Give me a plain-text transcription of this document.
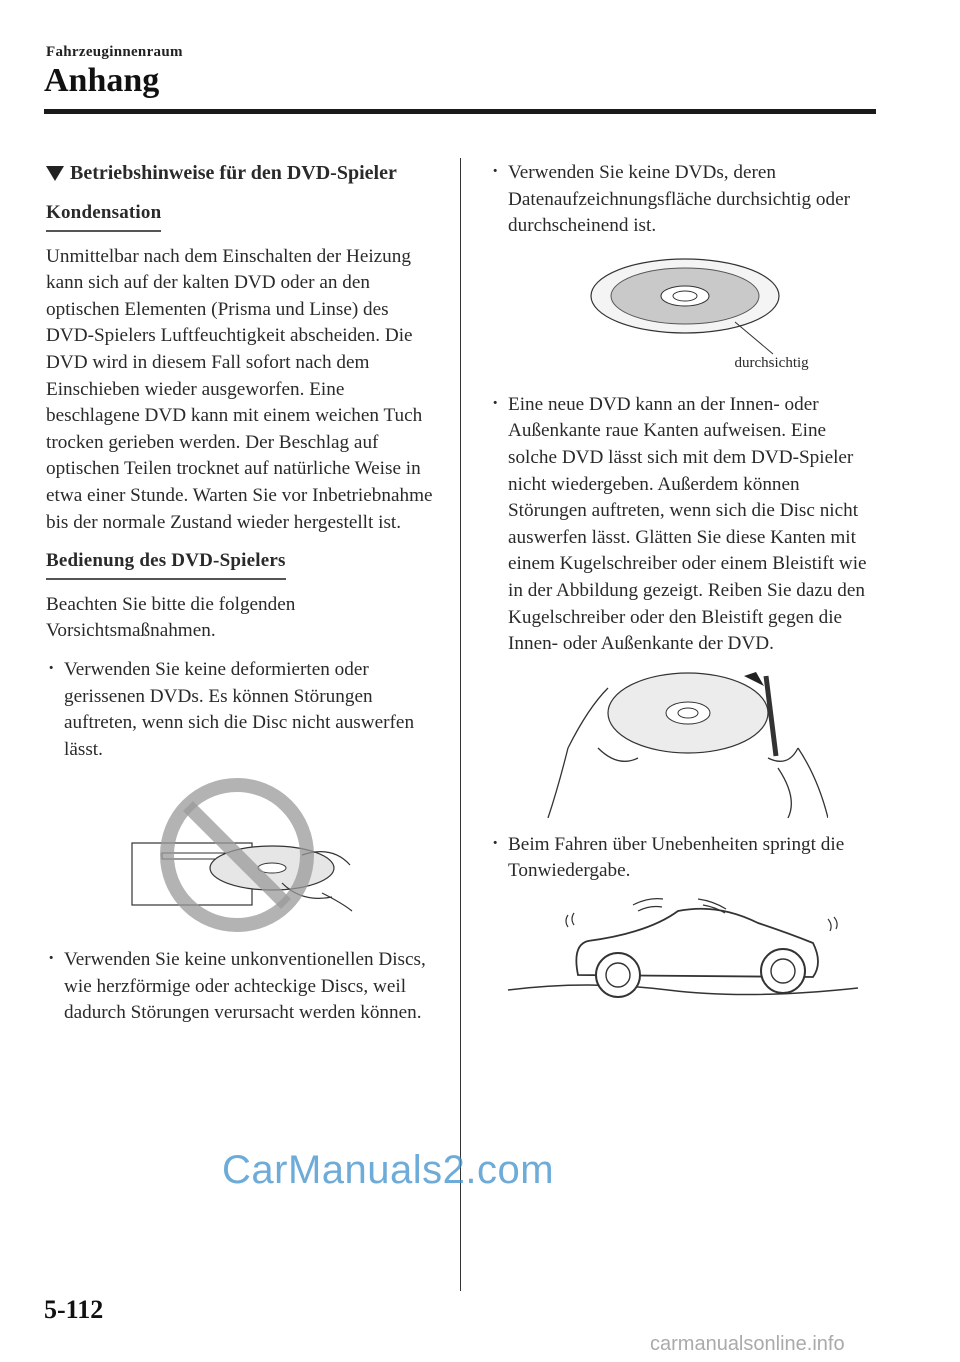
Fahrzeuginnenraum
Anhang
Betriebshinweise für den DVD-Spieler
Kondensation
Unmittelbar nach dem Einschalten der Heizung kann sich auf der kalten DVD oder an den optischen Elementen (Prisma und Linse) des DVD-Spielers Luftfeuchtigkeit abscheiden. Die DVD wird in diesem Fall sofort nach dem Einschieben wieder ausgeworfen. Eine beschlagene DVD kann mit einem weichen Tuch trocken gerieben werden. Der Beschlag auf optischen Teilen trocknet auf natürliche Weise in etwa einer Stunde. Warten Sie vor Inbetriebnahme bis der normale Zustand wieder hergestellt ist.
Bedienung des DVD-Spielers
Beachten Sie bitte die folgenden Vorsichtsmaßnahmen.
· Verwenden Sie keine deformierten oder gerissenen DVDs. Es können Störungen auftreten, wenn sich die Disc nicht auswerfen lässt.
· Verwenden Sie keine unkonventionellen Discs, wie herzförmige oder achteckige Discs, weil dadurch Störungen verursacht werden können.
· Verwenden Sie keine DVDs, deren Datenaufzeichnungsfläche durchsichtig oder durchscheinend ist.
durchsichtig
· Eine neue DVD kann an der Innen- oder Außenkante raue Kanten aufweisen. Eine solche DVD lässt sich mit dem DVD-Spieler nicht wiedergeben. Außerdem können Störungen auftreten, wenn sich die Disc nicht auswerfen lässt. Glätten Sie diese Kanten mit einem Kugelschreiber oder einem Bleistift wie in der Abbildung gezeigt. Reiben Sie dazu den Kugelschreiber oder den Bleistift gegen die Innen- oder Außenkante der DVD.
· Beim Fahren über Unebenheiten springt die Tonwiedergabe.
5-112
CarManuals2.com
carmanualsonline.info
